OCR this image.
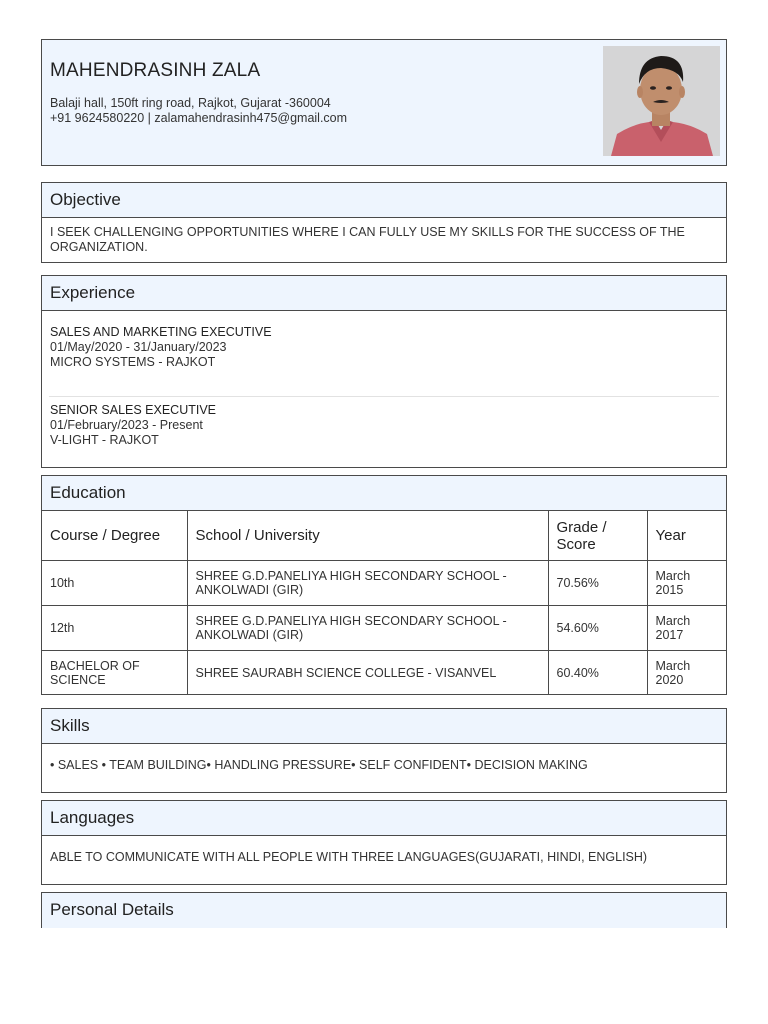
MAHENDRASINH ZALA
Balaji hall, 150ft ring road, Rajkot, Gujarat -360004
+91 9624580220 | zalamahendrasinh475@gmail.com
Objective
I SEEK CHALLENGING OPPORTUNITIES WHERE I CAN FULLY USE MY SKILLS FOR THE SUCCESS OF THE ORGANIZATION.
Experience
SALES AND MARKETING EXECUTIVE
01/May/2020 - 31/January/2023
MICRO SYSTEMS - RAJKOT
SENIOR SALES EXECUTIVE
01/February/2023 - Present
V-LIGHT - RAJKOT
Education
Course / Degree	School / University	Grade / Score	Year
10th	SHREE G.D.PANELIYA HIGH SECONDARY SCHOOL - ANKOLWADI (GIR)	70.56%	March 2015
12th	SHREE G.D.PANELIYA HIGH SECONDARY SCHOOL - ANKOLWADI (GIR)	54.60%	March 2017
BACHELOR OF SCIENCE	SHREE SAURABH SCIENCE COLLEGE - VISANVEL	60.40%	March 2020
Skills
• SALES • TEAM BUILDING• HANDLING PRESSURE• SELF CONFIDENT• DECISION MAKING
Languages
ABLE TO COMMUNICATE WITH ALL PEOPLE WITH THREE LANGUAGES(GUJARATI, HINDI, ENGLISH)
Personal Details
